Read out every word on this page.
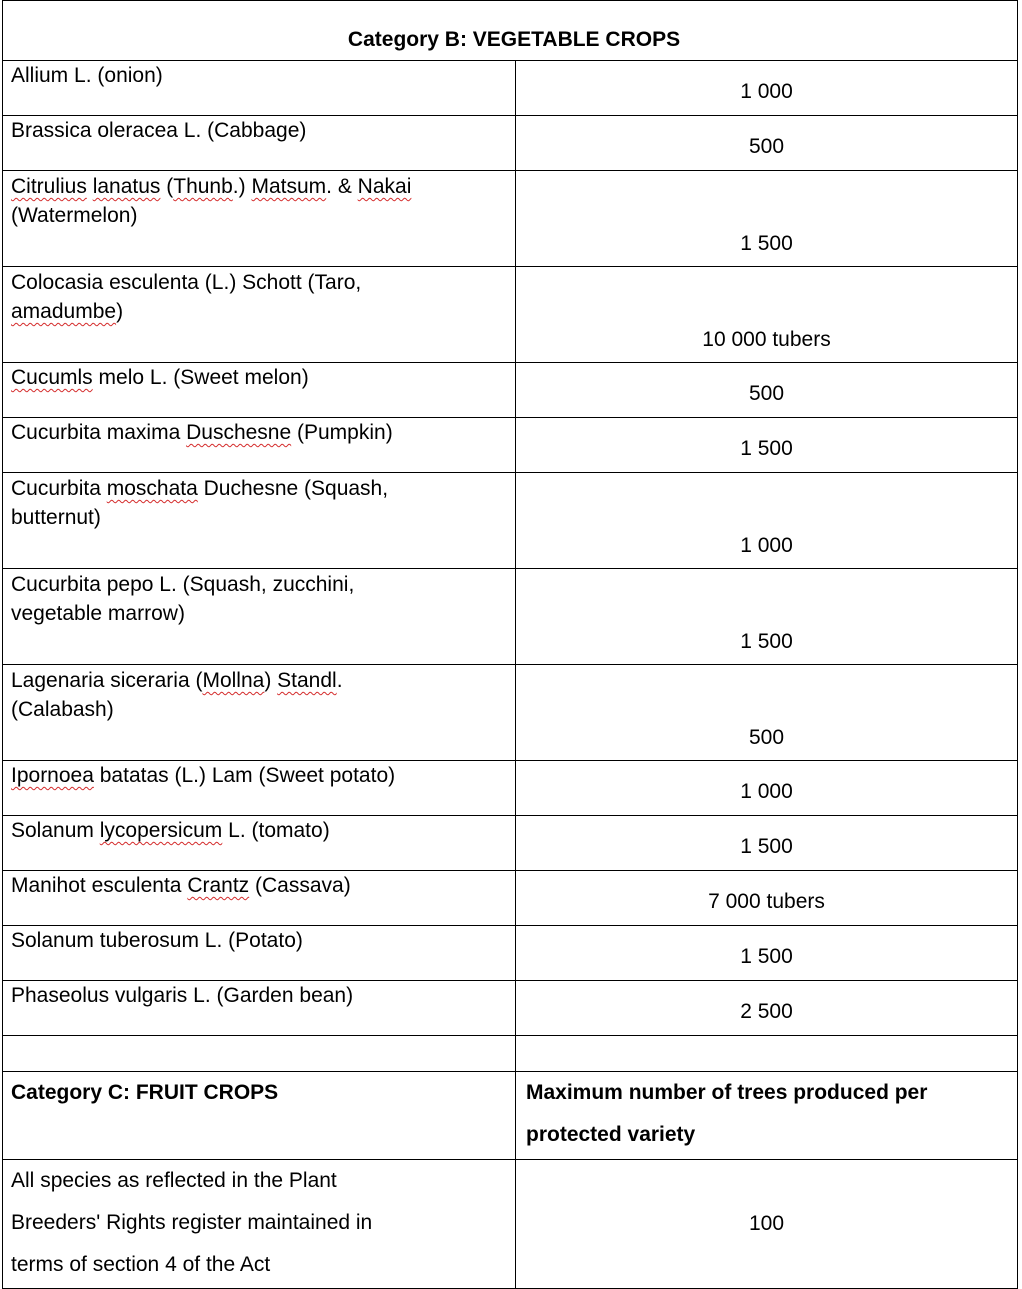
Category B: VEGETABLE CROPS	
Allium L. (onion)	1 000
Brassica oleracea L. (Cabbage)	500
Citrulius lanatus (Thunb.) Matsum. & Nakai
(Watermelon)	1 500
Colocasia esculenta (L.) Schott (Taro,
amadumbe)	10 000 tubers
Cucumls melo L. (Sweet melon)	500
Cucurbita maxima Duschesne (Pumpkin)	1 500
Cucurbita moschata Duchesne (Squash,
butternut)	1 000
Cucurbita pepo L. (Squash, zucchini,
vegetable marrow)	1 500
Lagenaria siceraria (Mollna) Standl.
(Calabash)	500
Ipornoea batatas (L.) Lam (Sweet potato)	1 000
Solanum lycopersicum L. (tomato)	1 500
Manihot esculenta Crantz (Cassava)	7 000 tubers
Solanum tuberosum L. (Potato)	1 500
Phaseolus vulgaris L. (Garden bean)	2 500

Category C: FRUIT CROPS	Maximum number of trees produced per protected variety
All species as reflected in the Plant
Breeders' Rights register maintained in
terms of section 4 of the Act	100
